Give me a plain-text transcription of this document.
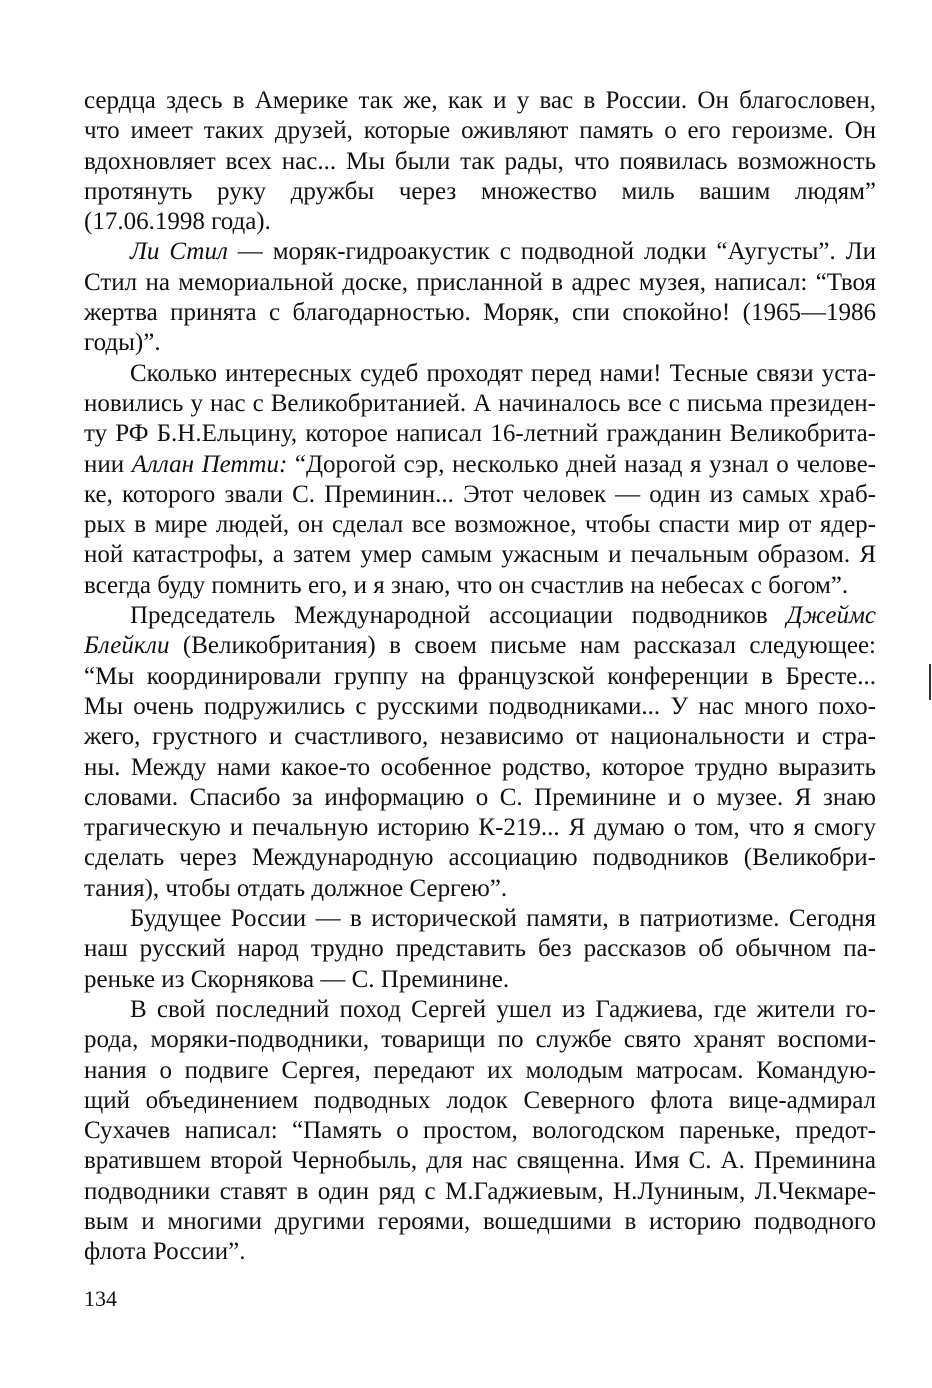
сердца здесь в Америке так же, как и у вас в России. Он благословен,
что имеет таких друзей, которые оживляют память о его героизме. Он
вдохновляет всех нас... Мы были так рады, что появилась возможность
протянуть руку дружбы через множество миль вашим людям”
(17.06.1998 года).
Ли Стил — моряк-гидроакустик с подводной лодки “Аугусты”. Ли
Стил на мемориальной доске, присланной в адрес музея, написал: “Твоя
жертва принята с благодарностью. Моряк, спи спокойно! (1965—1986
годы)”.
Сколько интересных судеб проходят перед нами! Тесные связи уста-
новились у нас с Великобританией. А начиналось все с письма президен-
ту РФ Б.Н.Ельцину, которое написал 16-летний гражданин Великобрита-
нии Аллан Петти: “Дорогой сэр, несколько дней назад я узнал о челове-
ке, которого звали С. Преминин... Этот человек — один из самых храб-
рых в мире людей, он сделал все возможное, чтобы спасти мир от ядер-
ной катастрофы, а затем умер самым ужасным и печальным образом. Я
всегда буду помнить его, и я знаю, что он счастлив на небесах с богом”.
Председатель Международной ассоциации подводников Джеймс
Блейкли (Великобритания) в своем письме нам рассказал следующее:
“Мы координировали группу на французской конференции в Бресте...
Мы очень подружились с русскими подводниками... У нас много похо-
жего, грустного и счастливого, независимо от национальности и стра-
ны. Между нами какое-то особенное родство, которое трудно выразить
словами. Спасибо за информацию о С. Преминине и о музее. Я знаю
трагическую и печальную историю К-219... Я думаю о том, что я смогу
сделать через Международную ассоциацию подводников (Великобри-
тания), чтобы отдать должное Сергею”.
Будущее России — в исторической памяти, в патриотизме. Сегодня
наш русский народ трудно представить без рассказов об обычном па-
реньке из Скорнякова — С. Преминине.
В свой последний поход Сергей ушел из Гаджиева, где жители го-
рода, моряки-подводники, товарищи по службе свято хранят воспоми-
нания о подвиге Сергея, передают их молодым матросам. Командую-
щий объединением подводных лодок Северного флота вице-адмирал
Сухачев написал: “Память о простом, вологодском пареньке, предот-
вратившем второй Чернобыль, для нас священна. Имя С. А. Преминина
подводники ставят в один ряд с М.Гаджиевым, Н.Луниным, Л.Чекмаре-
вым и многими другими героями, вошедшими в историю подводного
флота России”.
134
